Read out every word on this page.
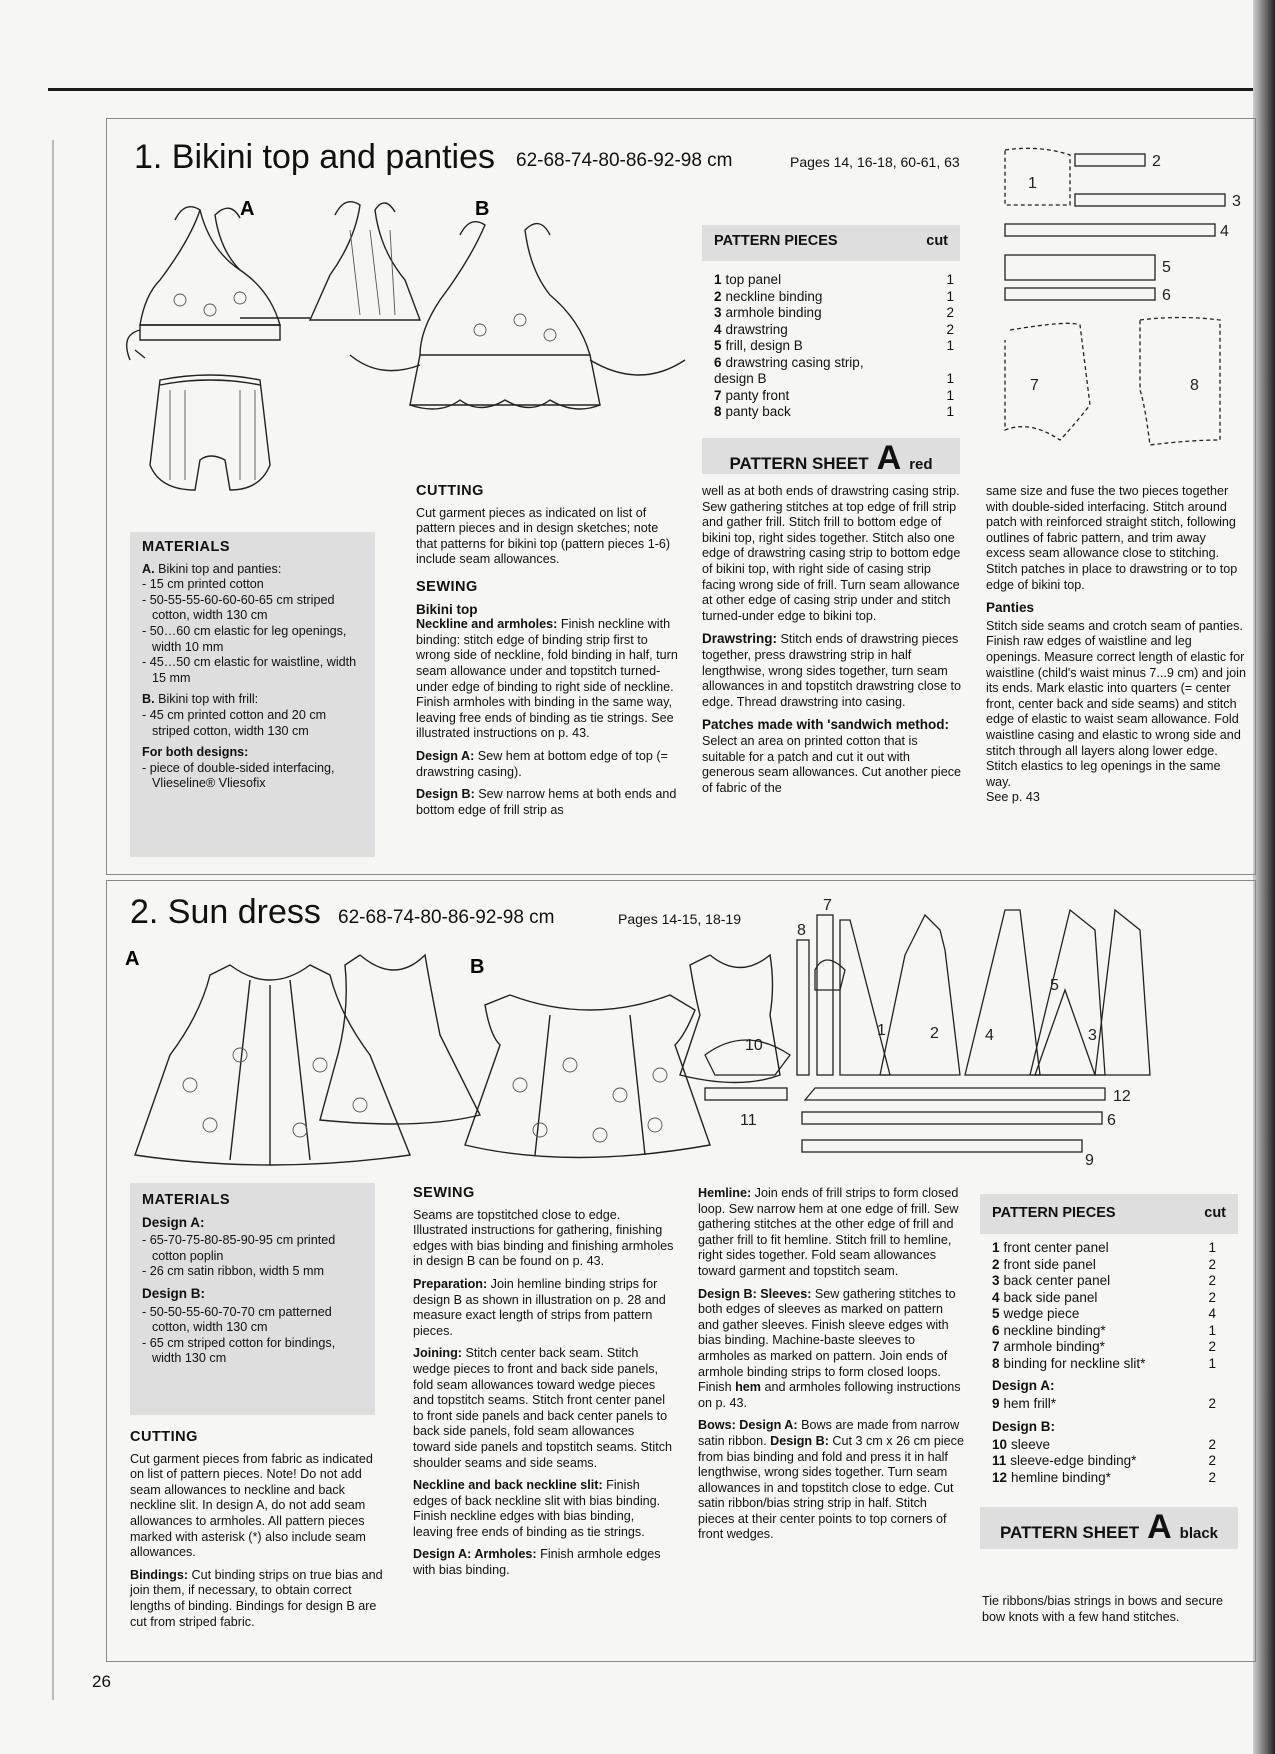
1. Bikini top and panties 62-68-74-80-86-92-98 cm	Pages 14, 16-18, 60-61, 63
A	B
MATERIALS
A. Bikini top and panties:
- 15 cm printed cotton
- 50-55-55-60-60-60-65 cm striped cotton, width 130 cm
- 50…60 cm elastic for leg openings, width 10 mm
- 45…50 cm elastic for waistline, width 15 mm
B. Bikini top with frill:
- 45 cm printed cotton and 20 cm striped cotton, width 130 cm
For both designs:
- piece of double-sided interfacing, Vlieseline® Vliesofix
CUTTING

Cut garment pieces as indicated on list of pattern pieces and in design sketches; note that patterns for bikini top (pattern pieces 1-6) include seam allowances.

SEWING
Bikini top

Neckline and armholes: Finish neckline with binding: stitch edge of binding strip first to wrong side of neckline, fold binding in half, turn seam allowance under and topstitch turned-under edge of binding to right side of neckline. Finish armholes with binding in the same way, leaving free ends of binding as tie strings. See illustrated instructions on p. 43.

Design A: Sew hem at bottom edge of top (= drawstring casing).

Design B: Sew narrow hems at both ends and bottom edge of frill strip as

PATTERN PIECES	cut
1 top panel	1
2 neckline binding	1
3 armhole binding	2
4 drawstring	2
5 frill, design B	1
6 drawstring casing strip, design B	1
7 panty front	1
8 panty back	1
PATTERN SHEET A red

well as at both ends of drawstring casing strip. Sew gathering stitches at top edge of frill strip and gather frill. Stitch frill to bottom edge of bikini top, right sides together. Stitch also one edge of drawstring casing strip to bottom edge of bikini top, with right side of casing strip facing wrong side of frill. Turn seam allowance at other edge of casing strip under and stitch turned-under edge to bikini top.

Drawstring: Stitch ends of drawstring pieces together, press drawstring strip in half lengthwise, wrong sides together, turn seam allowances in and topstitch drawstring close to edge. Thread drawstring into casing.

Patches made with 'sandwich method: Select an area on printed cotton that is suitable for a patch and cut it out with generous seam allowances. Cut another piece of fabric of the

same size and fuse the two pieces together with double-sided interfacing. Stitch around patch with reinforced straight stitch, following outlines of fabric pattern, and trim away excess seam allowance close to stitching. Stitch patches in place to drawstring or to top edge of bikini top.

Panties

Stitch side seams and crotch seam of panties. Finish raw edges of waistline and leg openings. Measure correct length of elastic for waistline (child's waist minus 7...9 cm) and join its ends. Mark elastic into quarters (= center front, center back and side seams) and stitch edge of elastic to waist seam allowance. Fold waistline casing and elastic to wrong side and stitch through all layers along lower edge. Stitch elastics to leg openings in the same way.

See p. 43

1
2
3
4
5
6
7	8
2. Sun dress 62-68-74-80-86-92-98 cm	Pages 14-15, 18-19
A	B
1	2	3
4
5
6
7
8
9
10
11
12
MATERIALS
Design A:
- 65-70-75-80-85-90-95 cm printed cotton poplin
- 26 cm satin ribbon, width 5 mm
Design B:
- 50-50-55-60-70-70 cm patterned cotton, width 130 cm
- 65 cm striped cotton for bindings, width 130 cm
CUTTING

Cut garment pieces from fabric as indicated on list of pattern pieces. Note! Do not add seam allowances to neckline and back neckline slit. In design A, do not add seam allowances to armholes. All pattern pieces marked with asterisk (*) also include seam allowances.

Bindings: Cut binding strips on true bias and join them, if necessary, to obtain correct lengths of binding. Bindings for design B are cut from striped fabric.

SEWING

Seams are topstitched close to edge. Illustrated instructions for gathering, finishing edges with bias binding and finishing armholes in design B can be found on p. 43.

Preparation: Join hemline binding strips for design B as shown in illustration on p. 28 and measure exact length of strips from pattern pieces.

Joining: Stitch center back seam. Stitch wedge pieces to front and back side panels, fold seam allowances toward wedge pieces and topstitch seams. Stitch front center panel to front side panels and back center panels to back side panels, fold seam allowances toward side panels and topstitch seams. Stitch shoulder seams and side seams.

Neckline and back neckline slit: Finish edges of back neckline slit with bias binding. Finish neckline edges with bias binding, leaving free ends of binding as tie strings.

Design A: Armholes: Finish armhole edges with bias binding.

Hemline: Join ends of frill strips to form closed loop. Sew narrow hem at one edge of frill. Sew gathering stitches at the other edge of frill and gather frill to fit hemline. Stitch frill to hemline, right sides together. Fold seam allowances toward garment and topstitch seam.

Design B: Sleeves: Sew gathering stitches to both edges of sleeves as marked on pattern and gather sleeves. Finish sleeve edges with bias binding. Machine-baste sleeves to armholes as marked on pattern. Join ends of armhole binding strips to form closed loops. Finish hem and armholes following instructions on p. 43.

Bows: Design A: Bows are made from narrow satin ribbon. Design B: Cut 3 cm x 26 cm piece from bias binding and fold and press it in half lengthwise, wrong sides together. Turn seam allowances in and topstitch close to edge. Cut satin ribbon/bias string strip in half. Stitch pieces at their center points to top corners of front wedges.

PATTERN PIECES	cut
1 front center panel	1
2 front side panel	2
3 back center panel	2
4 back side panel	2
5 wedge piece	4
6 neckline binding*	1
7 armhole binding*	2
8 binding for neckline slit*	1
Design A:
9 hem frill*	2
Design B:
10 sleeve	2
11 sleeve-edge binding*	2
12 hemline binding*	2
PATTERN SHEET A black
Tie ribbons/bias strings in bows and secure bow knots with a few hand stitches.
26
